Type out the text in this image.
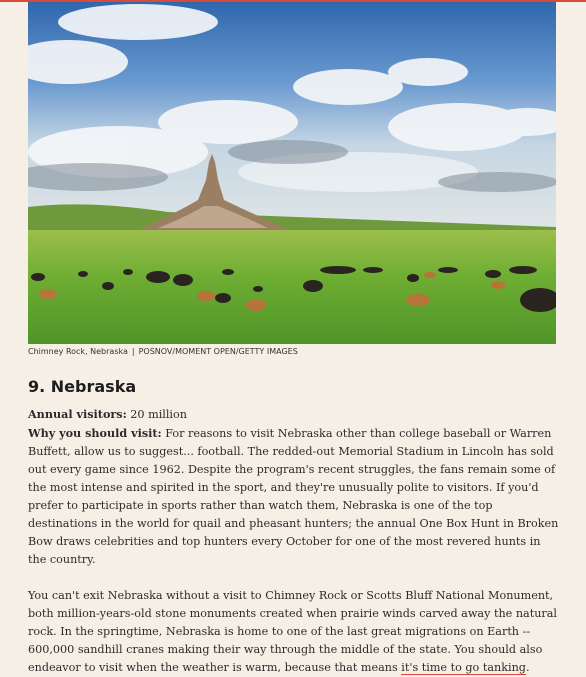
Chimney Rock, Nebraska | POSNOV/MOMENT OPEN/GETTY IMAGES
9. Nebraska

Annual visitors: 20 million
Why you should visit: For reasons to visit Nebraska other than college baseball or Warren Buffett, allow us to suggest... football. The redded-out Memorial Stadium in Lincoln has sold out every game since 1962. Despite the program's recent struggles, the fans remain some of the most intense and spirited in the sport, and they're unusually polite to visitors. If you'd prefer to participate in sports rather than watch them, Nebraska is one of the top destinations in the world for quail and pheasant hunters; the annual One Box Hunt in Broken Bow draws celebrities and top hunters every October for one of the most revered hunts in the country.

You can't exit Nebraska without a visit to Chimney Rock or Scotts Bluff National Monument, both million-years-old stone monuments created when prairie winds carved away the natural rock. In the springtime, Nebraska is home to one of the last great migrations on Earth -- 600,000 sandhill cranes making their way through the middle of the state. You should also endeavor to visit when the weather is warm, because that means it's time to go tanking.
